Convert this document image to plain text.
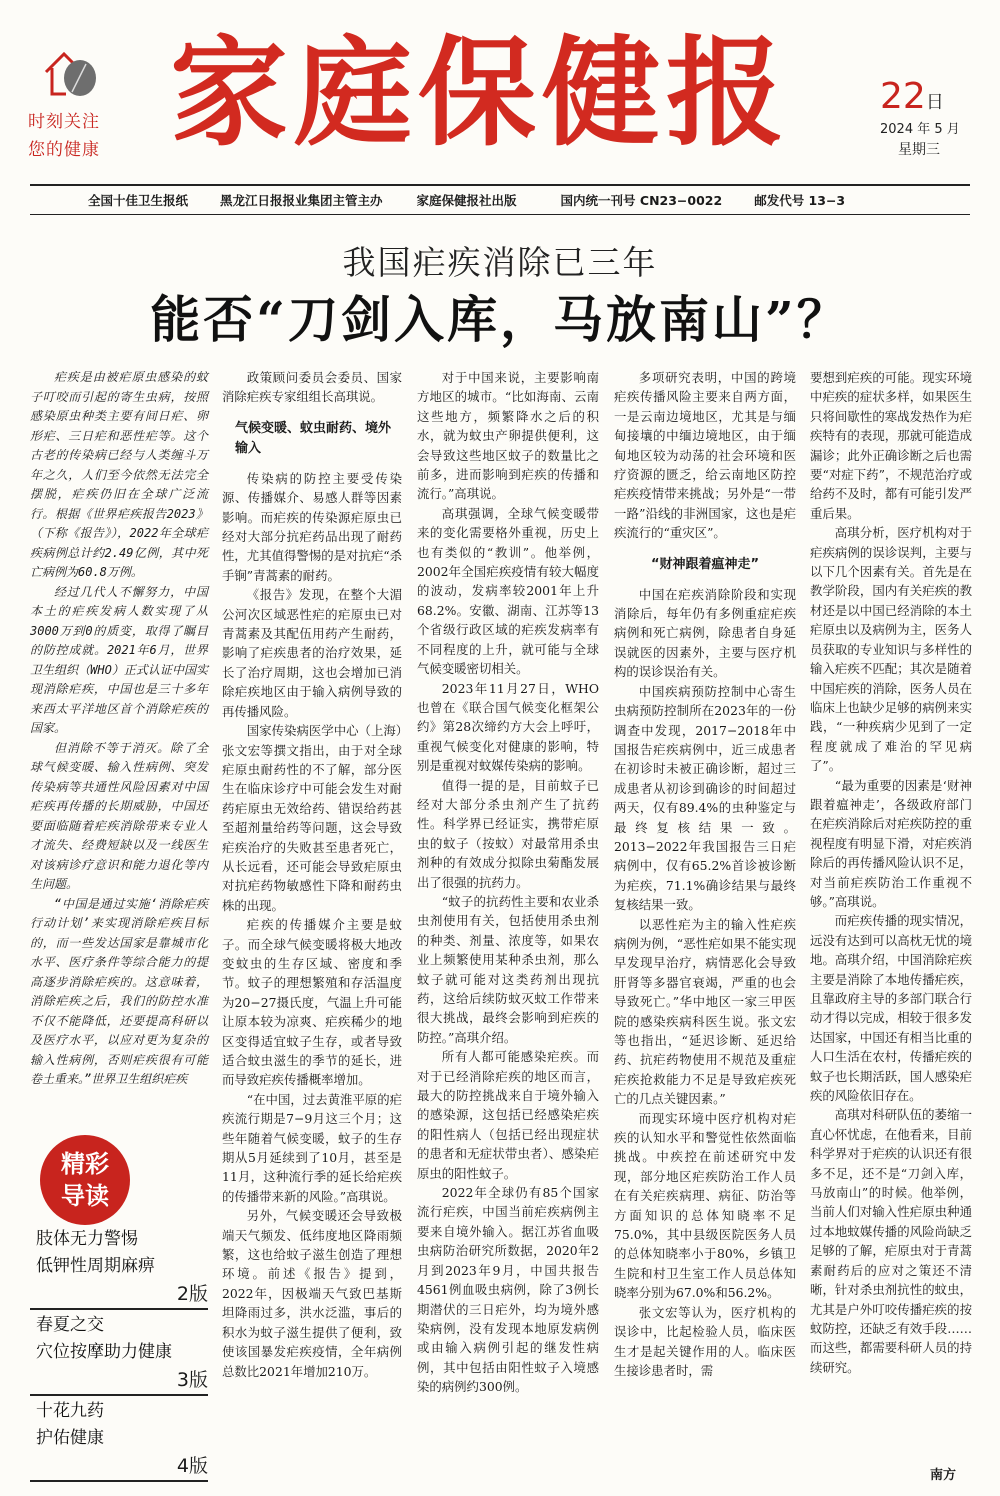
时刻关注
您的健康 家庭保健报 22日
2024 年 5 月
星期三
全国十佳卫生报纸	黑龙江日报报业集团主管主办	家庭保健报社出版	国内统一刊号 CN23−0022	邮发代号 13−3
我国疟疾消除已三年
能否“刀剑入库，马放南山”？

疟疾是由被疟原虫感染的蚊子叮咬而引起的寄生虫病，按照感染原虫种类主要有间日疟、卵形疟、三日疟和恶性疟等。这个古老的传染病已经与人类缠斗万年之久，人们至今依然无法完全摆脱，疟疾仍旧在全球广泛流行。根据《世界疟疾报告2023》（下称《报告》），2022年全球疟疾病例总计约2.49亿例，其中死亡病例为60.8万例。

经过几代人不懈努力，中国本土的疟疾发病人数实现了从3000万到0的质变，取得了瞩目的防控成就。2021年6月，世界卫生组织（WHO）正式认证中国实现消除疟疾，中国也是三十多年来西太平洋地区首个消除疟疾的国家。

但消除不等于消灭。除了全球气候变暖、输入性病例、突发传染病等共通性风险因素对中国疟疾再传播的长期威胁，中国还要面临随着疟疾消除带来专业人才流失、经费短缺以及一线医生对该病诊疗意识和能力退化等内生问题。

“中国是通过实施‘消除疟疾行动计划’来实现消除疟疾目标的，而一些发达国家是靠城市化水平、医疗条件等综合能力的提高逐步消除疟疾的。这意味着，消除疟疾之后，我们的防控水准不仅不能降低，还要提高科研以及医疗水平，以应对更为复杂的输入性病例，否则疟疾很有可能卷土重来。”世界卫生组织疟疾

精彩
导读
肢体无力警惕
低钾性周期麻痹
2版
春夏之交
穴位按摩助力健康
3版
十花九药
护佑健康
4版

政策顾问委员会委员、国家消除疟疾专家组组长高琪说。

气候变暖、蚊虫耐药、境外输入

传染病的防控主要受传染源、传播媒介、易感人群等因素影响。而疟疾的传染源疟原虫已经对大部分抗疟药品出现了耐药性，尤其值得警惕的是对抗疟“杀手锏”青蒿素的耐药。

《报告》发现，在整个大湄公河次区域恶性疟的疟原虫已对青蒿素及其配伍用药产生耐药，影响了疟疾患者的治疗效果，延长了治疗周期，这也会增加已消除疟疾地区由于输入病例导致的再传播风险。

国家传染病医学中心（上海）张文宏等撰文指出，由于对全球疟原虫耐药性的不了解，部分医生在临床诊疗中可能会发生对耐药疟原虫无效给药、错误给药甚至超剂量给药等问题，这会导致疟疾治疗的失败甚至患者死亡，从长远看，还可能会导致疟原虫对抗疟药物敏感性下降和耐药虫株的出现。

疟疾的传播媒介主要是蚊子。而全球气候变暖将极大地改变蚊虫的生存区域、密度和季节。蚊子的理想繁殖和存活温度为20−27摄氏度，气温上升可能让原本较为凉爽、疟疾稀少的地区变得适宜蚊子生存，或者导致适合蚊虫滋生的季节的延长，进而导致疟疾传播概率增加。

“在中国，过去黄淮平原的疟疾流行期是7−9月这三个月；这些年随着气候变暖，蚊子的生存期从5月延续到了10月，甚至是11月，这种流行季的延长给疟疾的传播带来新的风险。”高琪说。

另外，气候变暖还会导致极端天气频发、低纬度地区降雨频繁，这也给蚊子滋生创造了理想环境。前述《报告》提到，2022年，因极端天气致巴基斯坦降雨过多，洪水泛滥，事后的积水为蚊子滋生提供了便利，致使该国暴发疟疾疫情，全年病例总数比2021年增加210万。

对于中国来说，主要影响南方地区的城市。“比如海南、云南这些地方，频繁降水之后的积水，就为蚊虫产卵提供便利，这会导致这些地区蚊子的数量比之前多，进而影响到疟疾的传播和流行。”高琪说。

高琪强调，全球气候变暖带来的变化需要格外重视，历史上也有类似的“教训”。他举例，2002年全国疟疾疫情有较大幅度的波动，发病率较2001年上升68.2%。安徽、湖南、江苏等13个省级行政区域的疟疾发病率有不同程度的上升，就可能与全球气候变暖密切相关。

2023年11月27日，WHO也曾在《联合国气候变化框架公约》第28次缔约方大会上呼吁，重视气候变化对健康的影响，特别是重视对蚊媒传染病的影响。

值得一提的是，目前蚊子已经对大部分杀虫剂产生了抗药性。科学界已经证实，携带疟原虫的蚊子（按蚊）对最常用杀虫剂种的有效成分拟除虫菊酯发展出了很强的抗药力。

“蚊子的抗药性主要和农业杀虫剂使用有关，包括使用杀虫剂的种类、剂量、浓度等，如果农业上频繁使用某种杀虫剂，那么蚊子就可能对这类药剂出现抗药，这给后续防蚊灭蚊工作带来很大挑战，最终会影响到疟疾的防控。”高琪介绍。

所有人都可能感染疟疾。而对于已经消除疟疾的地区而言，最大的防控挑战来自于境外输入的感染源，这包括已经感染疟疾的阳性病人（包括已经出现症状的患者和无症状带虫者）、感染疟原虫的阳性蚊子。

2022年全球仍有85个国家流行疟疾，中国当前疟疾病例主要来自境外输入。据江苏省血吸虫病防治研究所数据，2020年2月到2023年9月，中国共报告4561例血吸虫病例，除了3例长期潜伏的三日疟外，均为境外感染病例，没有发现本地原发病例或由输入病例引起的继发性病例，其中包括由阳性蚊子入境感染的病例约300例。

多项研究表明，中国的跨境疟疾传播风险主要来自两方面，一是云南边境地区，尤其是与缅甸接壤的中缅边境地区，由于缅甸地区较为动荡的社会环境和医疗资源的匮乏，给云南地区防控疟疾疫情带来挑战；另外是“一带一路”沿线的非洲国家，这也是疟疾流行的“重灾区”。

“财神跟着瘟神走”

中国在疟疾消除阶段和实现消除后，每年仍有多例重症疟疾病例和死亡病例，除患者自身延误就医的因素外，主要与医疗机构的误诊误治有关。

中国疾病预防控制中心寄生虫病预防控制所在2023年的一份调查中发现，2017−2018年中国报告疟疾病例中，近三成患者在初诊时未被正确诊断，超过三成患者从初诊到确诊的时间超过两天，仅有89.4%的虫种鉴定与最终复核结果一致。2013−2022年我国报告三日疟病例中，仅有65.2%首诊被诊断为疟疾，71.1%确诊结果与最终复核结果一致。

以恶性疟为主的输入性疟疾病例为例，“恶性疟如果不能实现早发现早治疗，病情恶化会导致肝肾等多器官衰竭，严重的也会导致死亡。”华中地区一家三甲医院的感染疾病科医生说。张文宏等也指出，“延迟诊断、延迟给药、抗疟药物使用不规范及重症疟疾抢救能力不足是导致疟疾死亡的几点关键因素。”

而现实环境中医疗机构对疟疾的认知水平和警觉性依然面临挑战。中疾控在前述研究中发现，部分地区疟疾防治工作人员在有关疟疾病理、病征、防治等方面知识的总体知晓率不足75.0%，其中县级医院医务人员的总体知晓率小于80%，乡镇卫生院和村卫生室工作人员总体知晓率分别为67.0%和56.2%。

张文宏等认为，医疗机构的误诊中，比起检验人员，临床医生才是起关键作用的人。临床医生接诊患者时，需

要想到疟疾的可能。现实环境中疟疾的症状多样，如果医生只将间歇性的寒战发热作为疟疾特有的表现，那就可能造成漏诊；此外正确诊断之后也需要“对症下药”，不规范治疗或给药不及时，都有可能引发严重后果。

高琪分析，医疗机构对于疟疾病例的误诊误判，主要与以下几个因素有关。首先是在教学阶段，国内有关疟疾的教材还是以中国已经消除的本土疟原虫以及病例为主，医务人员获取的专业知识与多样性的输入疟疾不匹配；其次是随着中国疟疾的消除，医务人员在临床上也缺少足够的病例来实践，“一种疾病少见到了一定程度就成了难治的罕见病了”。

“最为重要的因素是‘财神跟着瘟神走’，各级政府部门在疟疾消除后对疟疾防控的重视程度有明显下滑，对疟疾消除后的再传播风险认识不足，对当前疟疾防治工作重视不够。”高琪说。

而疟疾传播的现实情况，远没有达到可以高枕无忧的境地。高琪介绍，中国消除疟疾主要是消除了本地传播疟疾，且靠政府主导的多部门联合行动才得以完成，相较于很多发达国家，中国还有相当比重的人口生活在农村，传播疟疾的蚊子也长期活跃，国人感染疟疾的风险依旧存在。

高琪对科研队伍的萎缩一直心怀忧虑，在他看来，目前科学界对于疟疾的认识还有很多不足，还不是“刀剑入库，马放南山”的时候。他举例，当前人们对输入性疟原虫种通过本地蚊媒传播的风险尚缺乏足够的了解，疟原虫对于青蒿素耐药后的应对之策还不清晰，针对杀虫剂抗性的蚊虫，尤其是户外叮咬传播疟疾的按蚊防控，还缺乏有效手段……而这些，都需要科研人员的持续研究。

南方
